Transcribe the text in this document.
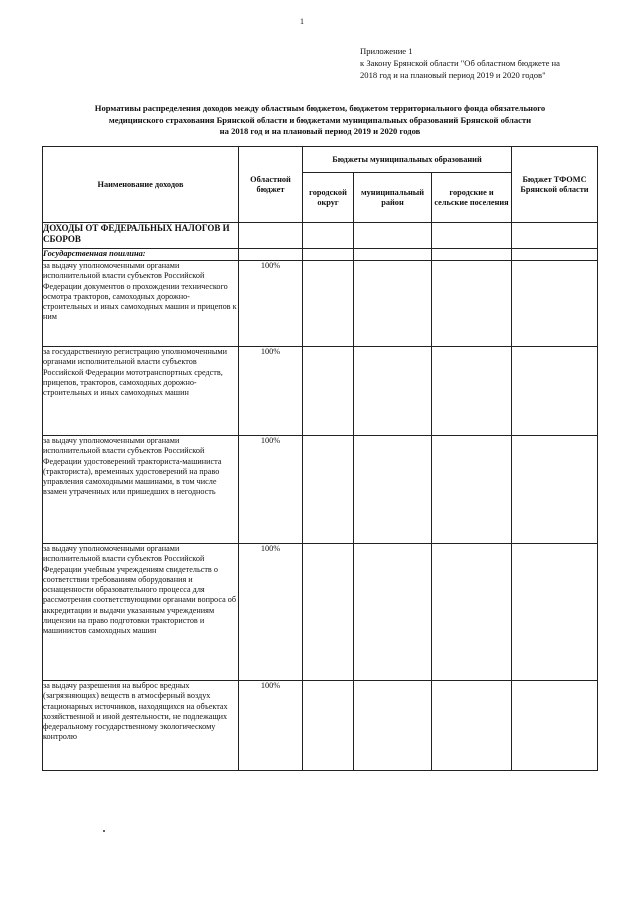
1
Приложение 1
к Закону Брянской области "Об областном бюджете на
2018 год и на плановый период 2019 и 2020 годов"
Нормативы распределения доходов между областным бюджетом, бюджетом территориального фонда обязательного
медицинского страхования Брянской области и бюджетами муниципальных образований Брянской области
на 2018 год и на плановый период 2019 и 2020 годов
Наименование доходов	Областной бюджет	Бюджеты муниципальных образований			Бюджет ТФОМС Брянской области
		городской округ	муниципальный район	городские и сельские поселения	
ДОХОДЫ ОТ ФЕДЕРАЛЬНЫХ НАЛОГОВ И СБОРОВ					
Государственная пошлина:					
за выдачу уполномоченными органами исполнительной власти субъектов Российской Федерации документов о прохождении технического осмотра тракторов, самоходных дорожно-строительных и иных самоходных машин и прицепов к ним	100%				
за государственную регистрацию уполномоченными органами исполнительной власти субъектов Российской Федерации мототранспортных средств, прицепов, тракторов, самоходных дорожно-строительных и иных самоходных машин	100%				
за выдачу уполномоченными органами исполнительной власти субъектов Российской Федерации удостоверений тракториста-машиниста (тракториста), временных удостоверений на право управления самоходными машинами, в том числе взамен утраченных или пришедших в негодность	100%				
за выдачу уполномоченными органами исполнительной власти субъектов Российской Федерации учебным учреждениям свидетельств о соответствии требованиям оборудования и оснащенности образовательного процесса для рассмотрения соответствующими органами вопроса об аккредитации и выдачи указанным учреждениям лицензии на право подготовки трактористов и машинистов самоходных машин	100%				
за выдачу разрешения на выброс вредных (загрязняющих) веществ в атмосферный воздух стационарных источников, находящихся на объектах хозяйственной и иной деятельности, не подлежащих федеральному государственному экологическому контролю	100%				
